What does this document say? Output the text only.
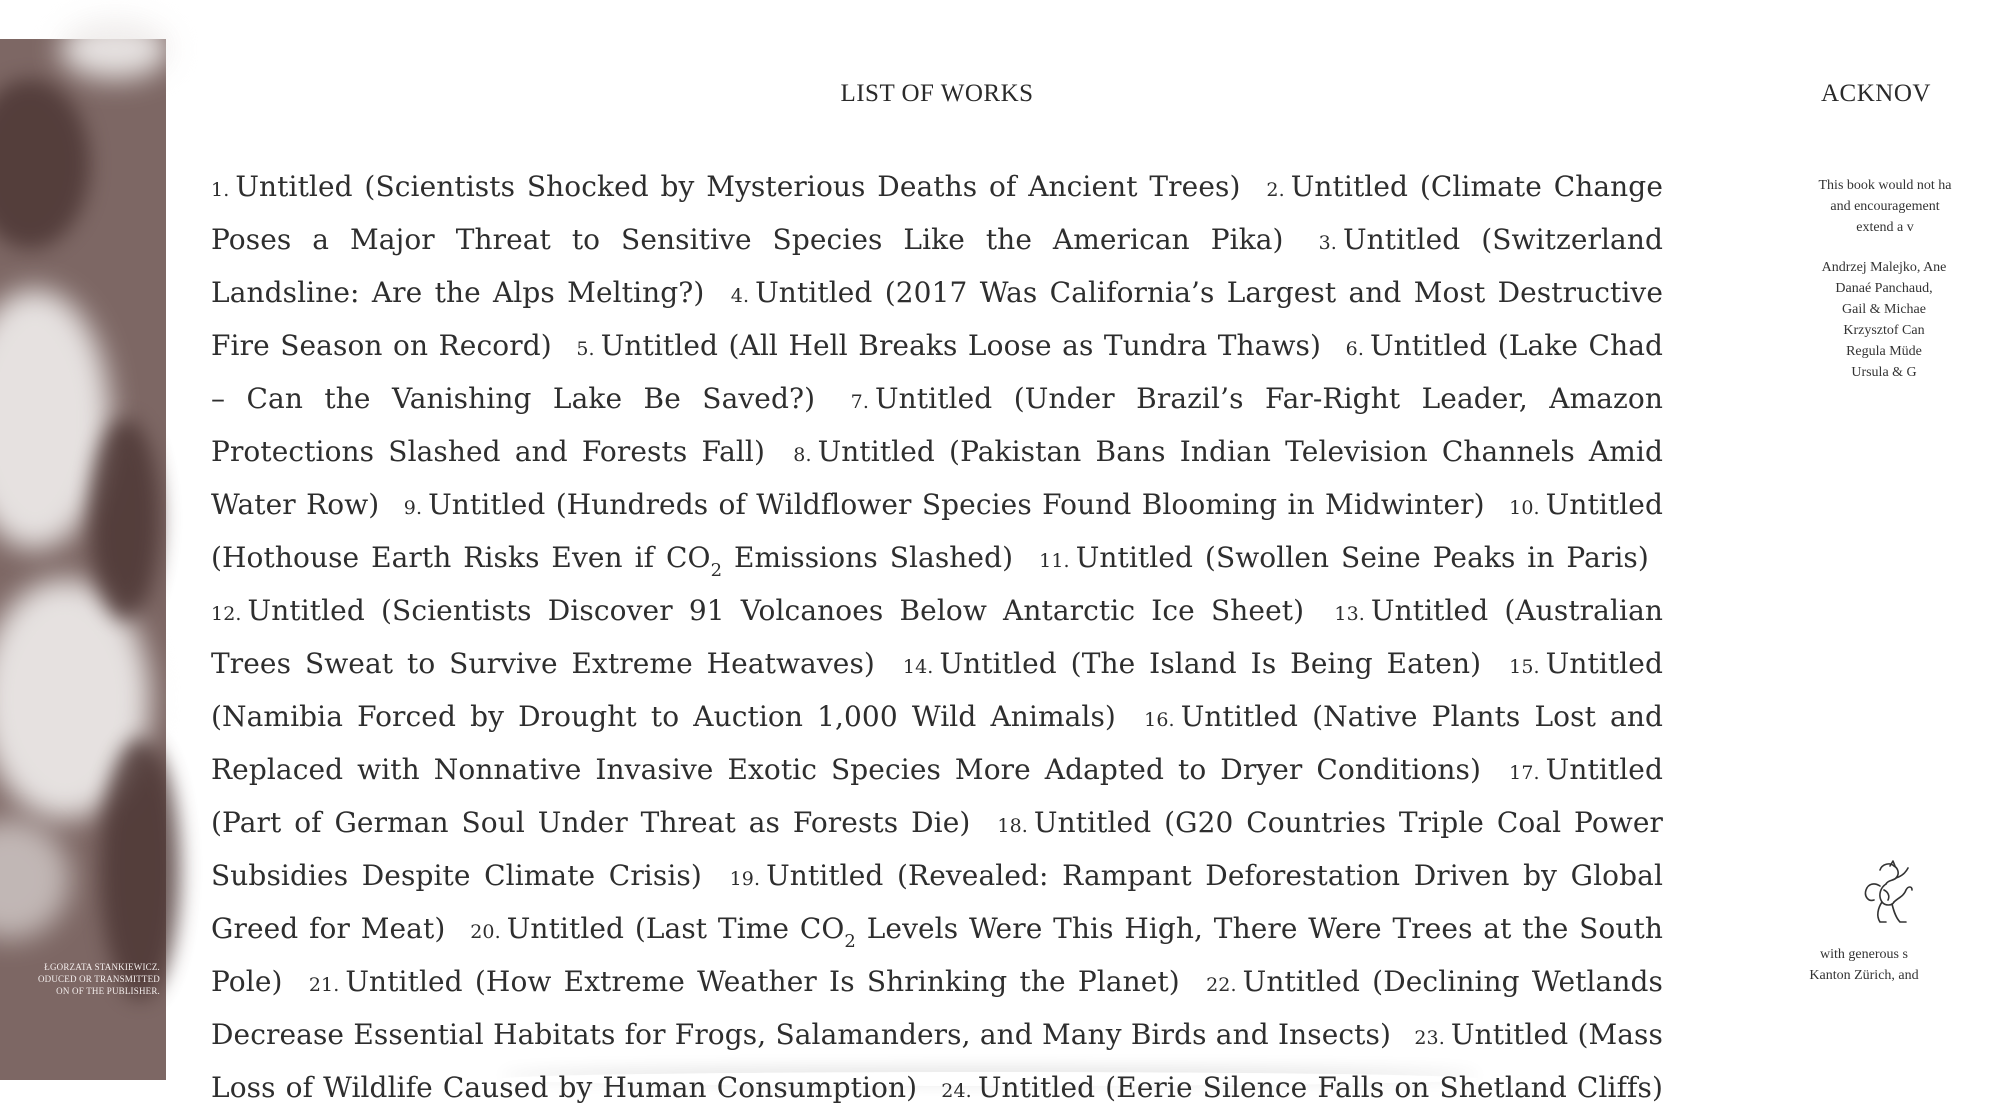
ŁGORZATA STANKIEWICZ.
ODUCED OR TRANSMITTED
ON OF THE PUBLISHER.
LIST OF WORKS

1. Untitled (Scientists Shocked by Mysterious Deaths of Ancient Trees)  2. Untitled (Climate Change Poses a Major Threat to Sensitive Species Like the American Pika)  3. Untitled (Switzerland Landsline: Are the Alps Melting?)  4. Untitled (2017 Was California’s Largest and Most Destructive Fire Season on Record)  5. Untitled (All Hell Breaks Loose as Tundra Thaws)  6. Untitled (Lake Chad – Can the Vanishing Lake Be Saved?)  7. Untitled (Under Brazil’s Far-Right Leader, Amazon Protections Slashed and Forests Fall)  8. Untitled (Pakistan Bans Indian Television Channels Amid Water Row)  9. Untitled (Hundreds of Wildflower Species Found Blooming in Midwinter)  10. Untitled (Hothouse Earth Risks Even if $CO_2$ Emissions Slashed)  11. Untitled (Swollen Seine Peaks in Paris)  12. Untitled (Scientists Discover 91 Volcanoes Below Antarctic Ice Sheet)  13. Untitled (Australian Trees Sweat to Survive Extreme Heatwaves)  14. Untitled (The Island Is Being Eaten)  15. Untitled (Namibia Forced by Drought to Auction 1,000 Wild Animals)  16. Untitled (Native Plants Lost and Replaced with Nonnative Invasive Exotic Species More Adapted to Dryer Conditions)  17. Untitled (Part of German Soul Under Threat as Forests Die)  18. Untitled (G20 Countries Triple Coal Power Subsidies Despite Climate Crisis)  19. Untitled (Revealed: Rampant Deforestation Driven by Global Greed for Meat)  20. Untitled (Last Time $CO_2$ Levels Were This High, There Were Trees at the South Pole)  21. Untitled (How Extreme Weather Is Shrinking the Planet)  22. Untitled (Declining Wetlands Decrease Essential Habitats for Frogs, Salamanders, and Many Birds and Insects)  23. Untitled (Mass Loss of Wildlife Caused by Human Consumption)  24. Untitled (Eerie Silence Falls on Shetland Cliffs)

ACKNOV
This book would not ha
and encouragement
extend a v
Andrzej Malejko, Ane
Danaé Panchaud,
Gail & Michae
Krzysztof Can
Regula Müde
Ursula & G
with generous s
Kanton Zürich, and
